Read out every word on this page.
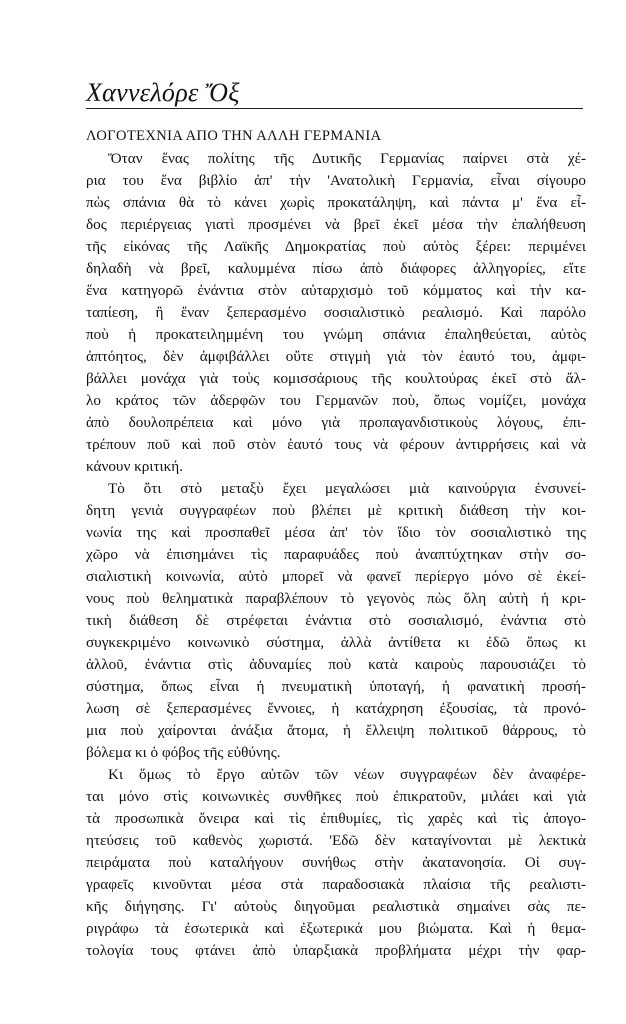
Χαννελόρε Ὄξ
ΛΟΓΟΤΕΧΝΙΑ ΑΠΟ ΤΗΝ ΑΛΛΗ ΓΕΡΜΑΝΙΑ
Ὅταν ἕνας πολίτης τῆς Δυτικῆς Γερμανίας παίρνει στὰ χέ-
ρια του ἕνα βιβλίο ἀπ' τὴν 'Ανατολικὴ Γερμανία, εἶναι σίγουρο
πὼς σπάνια θὰ τὸ κάνει χωρὶς προκατάληψη, καὶ πάντα μ' ἕνα εἶ-
δος περιέργειας γιατὶ προσμένει νὰ βρεῖ ἐκεῖ μέσα τὴν ἐπαλήθευση
τῆς εἰκόνας τῆς Λαϊκῆς Δημοκρατίας ποὺ αὐτὸς ξέρει: περιμένει
δηλαδὴ νὰ βρεῖ, καλυμμένα πίσω ἀπὸ διάφορες ἀλληγορίες, εἴτε
ἕνα κατηγορῶ ἐνάντια στὸν αὐταρχισμὸ τοῦ κόμματος καὶ τὴν κα-
ταπίεση, ἢ ἕναν ξεπερασμένο σοσιαλιστικὸ ρεαλισμό. Καὶ παρόλο
ποὺ ἡ προκατειλημμένη του γνώμη σπάνια ἐπαληθεύεται, αὐτὸς
ἀπτόητος, δὲν ἀμφιβάλλει οὔτε στιγμὴ γιὰ τὸν ἑαυτό του, ἀμφι-
βάλλει μονάχα γιὰ τοὺς κομισσάριους τῆς κουλτούρας ἐκεῖ στὸ ἄλ-
λο κράτος τῶν ἀδερφῶν του Γερμανῶν ποὺ, ὅπως νομίζει, μονάχα
ἀπὸ δουλοπρέπεια καὶ μόνο γιὰ προπαγανδιστικοὺς λόγους, ἐπι-
τρέπουν ποῦ καὶ ποῦ στὸν ἑαυτό τους νὰ φέρουν ἀντιρρήσεις καὶ νὰ
κάνουν κριτική.
Τὸ ὅτι στὸ μεταξὺ ἔχει μεγαλώσει μιὰ καινούργια ἐνσυνεί-
δητη γενιὰ συγγραφέων ποὺ βλέπει μὲ κριτικὴ διάθεση τὴν κοι-
νωνία της καὶ προσπαθεῖ μέσα ἀπ' τὸν ἴδιο τὸν σοσιαλιστικὸ της
χῶρο νὰ ἐπισημάνει τὶς παραφυάδες ποὺ ἀναπτύχτηκαν στὴν σο-
σιαλιστικὴ κοινωνία, αὐτὸ μπορεῖ νὰ φανεῖ περίεργο μόνο σὲ ἐκεί-
νους ποὺ θεληματικὰ παραβλέπουν τὸ γεγονὸς πὼς ὅλη αὐτὴ ἡ κρι-
τικὴ διάθεση δὲ στρέφεται ἐνάντια στὸ σοσιαλισμό, ἐνάντια στὸ
συγκεκριμένο κοινωνικὸ σύστημα, ἀλλὰ ἀντίθετα κι ἐδῶ ὅπως κι
ἀλλοῦ, ἐνάντια στὶς ἀδυναμίες ποὺ κατὰ καιροὺς παρουσιάζει τὸ
σύστημα, ὅπως εἶναι ἡ πνευματικὴ ὑποταγή, ἡ φανατικὴ προσή-
λωση σὲ ξεπερασμένες ἔννοιες, ἡ κατάχρηση ἐξουσίας, τὰ προνό-
μια ποὺ χαίρονται ἀνάξια ἄτομα, ἡ ἔλλειψη πολιτικοῦ θάρρους, τὸ
βόλεμα κι ὁ φόβος τῆς εὐθύνης.
Κι ὅμως τὸ ἔργο αὐτῶν τῶν νέων συγγραφέων δὲν ἀναφέρε-
ται μόνο στὶς κοινωνικὲς συνθῆκες ποὺ ἐπικρατοῦν, μιλάει καὶ γιὰ
τὰ προσωπικὰ ὄνειρα καὶ τὶς ἐπιθυμίες, τὶς χαρὲς καὶ τὶς ἀπογο-
ητεύσεις τοῦ καθενὸς χωριστά. 'Εδῶ δὲν καταγίνονται μὲ λεκτικὰ
πειράματα ποὺ καταλήγουν συνήθως στὴν ἀκατανοησία. Οἱ συγ-
γραφεῖς κινοῦνται μέσα στὰ παραδοσιακὰ πλαίσια τῆς ρεαλιστι-
κῆς διήγησης. Γι' αὐτοὺς διηγοῦμαι ρεαλιστικὰ σημαίνει σὰς πε-
ριγράφω τὰ ἐσωτερικὰ καὶ ἐξωτερικά μου βιώματα. Καὶ ἡ θεμα-
τολογία τους φτάνει ἀπὸ ὑπαρξιακὰ προβλήματα μέχρι τὴν φαρ-
